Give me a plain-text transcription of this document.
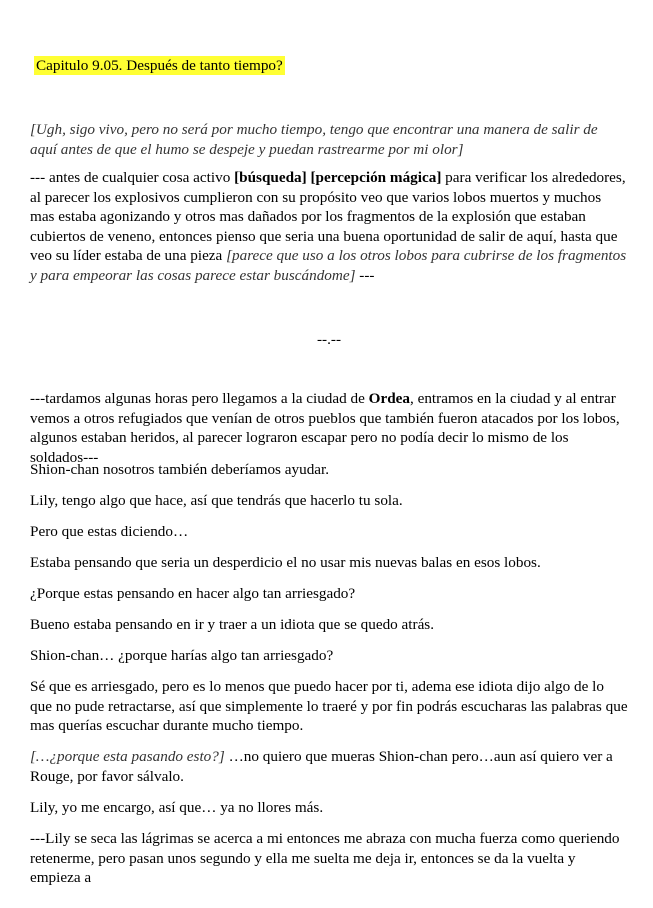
Capitulo 9.05. Después de tanto tiempo?

[Ugh, sigo vivo, pero no será por mucho tiempo, tengo que encontrar una manera de salir de aquí antes de que el humo se despeje y puedan rastrearme por mi olor]

--- antes de cualquier cosa activo [búsqueda] [percepción mágica] para verificar los alrededores, al parecer los explosivos cumplieron con su propósito veo que varios lobos muertos y muchos mas estaba agonizando y otros mas dañados por los fragmentos de la explosión que estaban cubiertos de veneno, entonces pienso que seria una buena oportunidad de salir de aquí, hasta que veo su líder estaba de una pieza [parece que uso a los otros lobos para cubrirse de los fragmentos y para empeorar las cosas parece estar buscándome] ---

--.--

---tardamos algunas horas pero llegamos a la ciudad de Ordea, entramos en la ciudad y al entrar vemos a otros refugiados que venían de otros pueblos que también fueron atacados por los lobos, algunos estaban heridos, al parecer lograron escapar pero no podía decir lo mismo de los soldados---

Shion-chan nosotros también deberíamos ayudar.

Lily, tengo algo que hace, así que tendrás que hacerlo tu sola.

Pero que estas diciendo…

Estaba pensando que seria un desperdicio el no usar mis nuevas balas en esos lobos.

¿Porque estas pensando en hacer algo tan arriesgado?

Bueno estaba pensando en ir y traer a un idiota que se quedo atrás.

Shion-chan… ¿porque harías algo tan arriesgado?

Sé que es arriesgado, pero es lo menos que puedo hacer por ti, adema ese idiota dijo algo de lo que no pude retractarse, así que simplemente lo traeré y por fin podrás escucharas las palabras que mas querías escuchar durante mucho tiempo.

[…¿porque esta pasando esto?] …no quiero que mueras Shion-chan pero…aun así quiero ver a Rouge, por favor sálvalo.

Lily, yo me encargo, así que… ya no llores más.

---Lily se seca las lágrimas se acerca a mi entonces me abraza con mucha fuerza como queriendo retenerme, pero pasan unos segundo y ella me suelta me deja ir, entonces se da la vuelta y empieza a
